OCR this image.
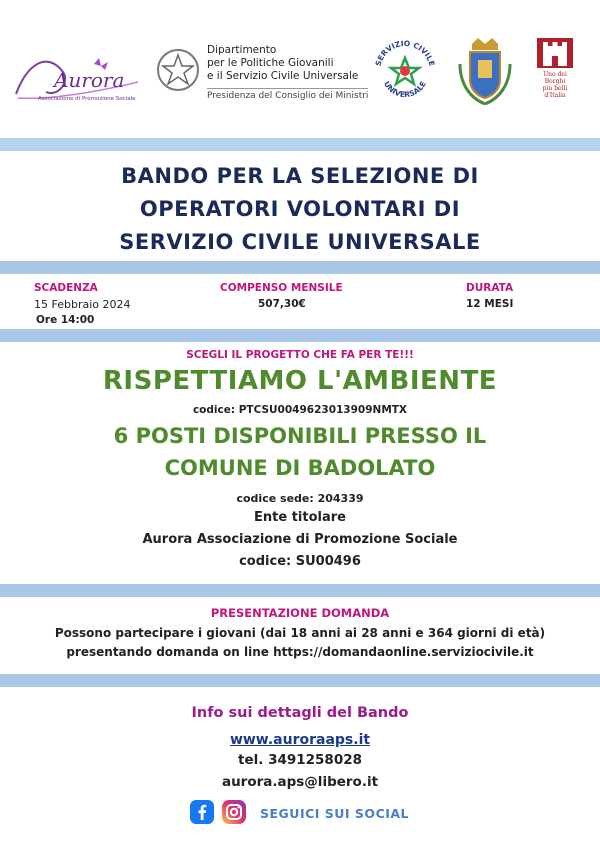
Aurora
Associazione di Promozione Sociale
Dipartimento
per le Politiche Giovanili
e il Servizio Civile Universale
Presidenza del Consiglio dei Ministri
SERVIZIO CIVILE
UNIVERSALE
Uno dei
Borghi
più belli
d'Italia
BANDO PER LA SELEZIONE DI
OPERATORI VOLONTARI DI
SERVIZIO CIVILE UNIVERSALE
SCADENZA
15 Febbraio 2024
Ore 14:00
COMPENSO MENSILE
507,30€
DURATA
12 MESI
SCEGLI IL PROGETTO CHE FA PER TE!!!
RISPETTIAMO L'AMBIENTE
codice: PTCSU0049623013909NMTX
6 POSTI DISPONIBILI PRESSO IL
COMUNE DI BADOLATO
codice sede: 204339
Ente titolare
Aurora Associazione di Promozione Sociale
codice: SU00496
PRESENTAZIONE DOMANDA
Possono partecipare i giovani (dai 18 anni ai 28 anni e 364 giorni di età)
presentando domanda on line https://domandaonline.serviziocivile.it
Info sui dettagli del Bando
www.auroraaps.it
tel. 3491258028
aurora.aps@libero.it
SEGUICI SUI SOCIAL
